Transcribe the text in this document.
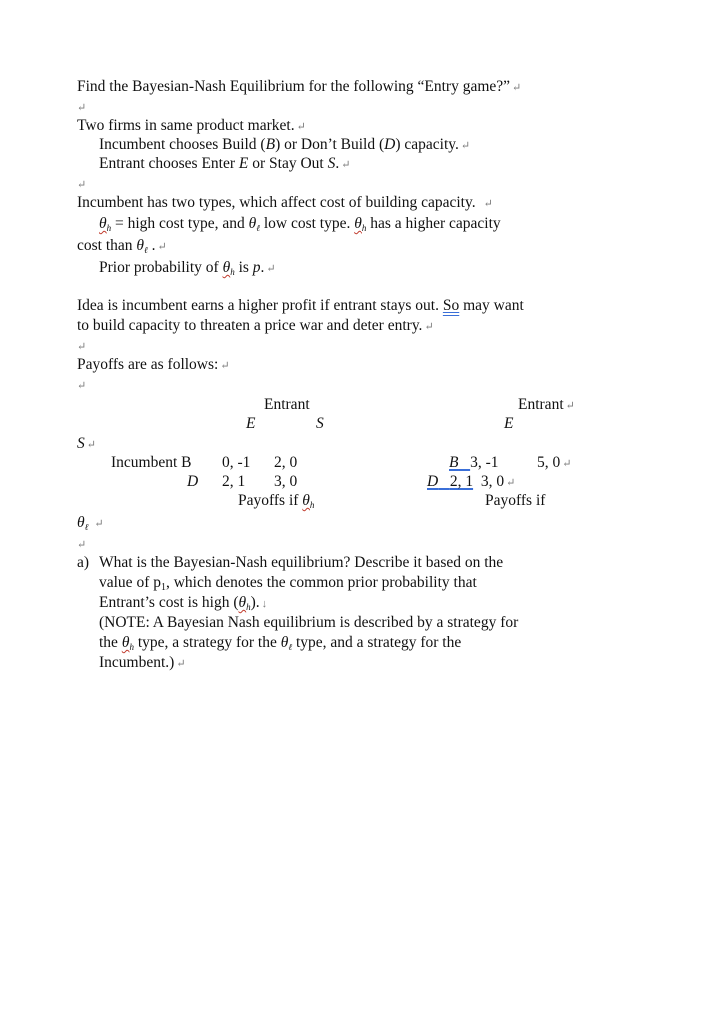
Find the Bayesian-Nash Equilibrium for the following “Entry game?” ↵
↵
Two firms in same product market. ↵
Incumbent chooses Build (B) or Don’t Build (D) capacity. ↵
Entrant chooses Enter E or Stay Out S. ↵
↵
Incumbent has two types, which affect cost of building capacity. ↵
θh = high cost type, and θℓ low cost type. θh has a higher capacity
cost than θℓ . ↵
Prior probability of θh is p. ↵
Idea is incumbent earns a higher profit if entrant stays out. So may want
to build capacity to threaten a price war and deter entry. ↵
↵
Payoffs are as follows: ↵
↵
Entrant
E	S
S ↵
Incumbent B 0, -1 2, 0
D 2, 1 3, 0
Payoffs if θh
Entrant ↵
E
B 3, -1 5, 0 ↵
D 2, 1 3, 0 ↵
Payoffs if
θℓ ↵
↵
a) What is the Bayesian-Nash equilibrium? Describe it based on the
value of p1, which denotes the common prior probability that
Entrant’s cost is high (θh). ↓
(NOTE: A Bayesian Nash equilibrium is described by a strategy for
the θh type, a strategy for the θℓ type, and a strategy for the
Incumbent.) ↵
